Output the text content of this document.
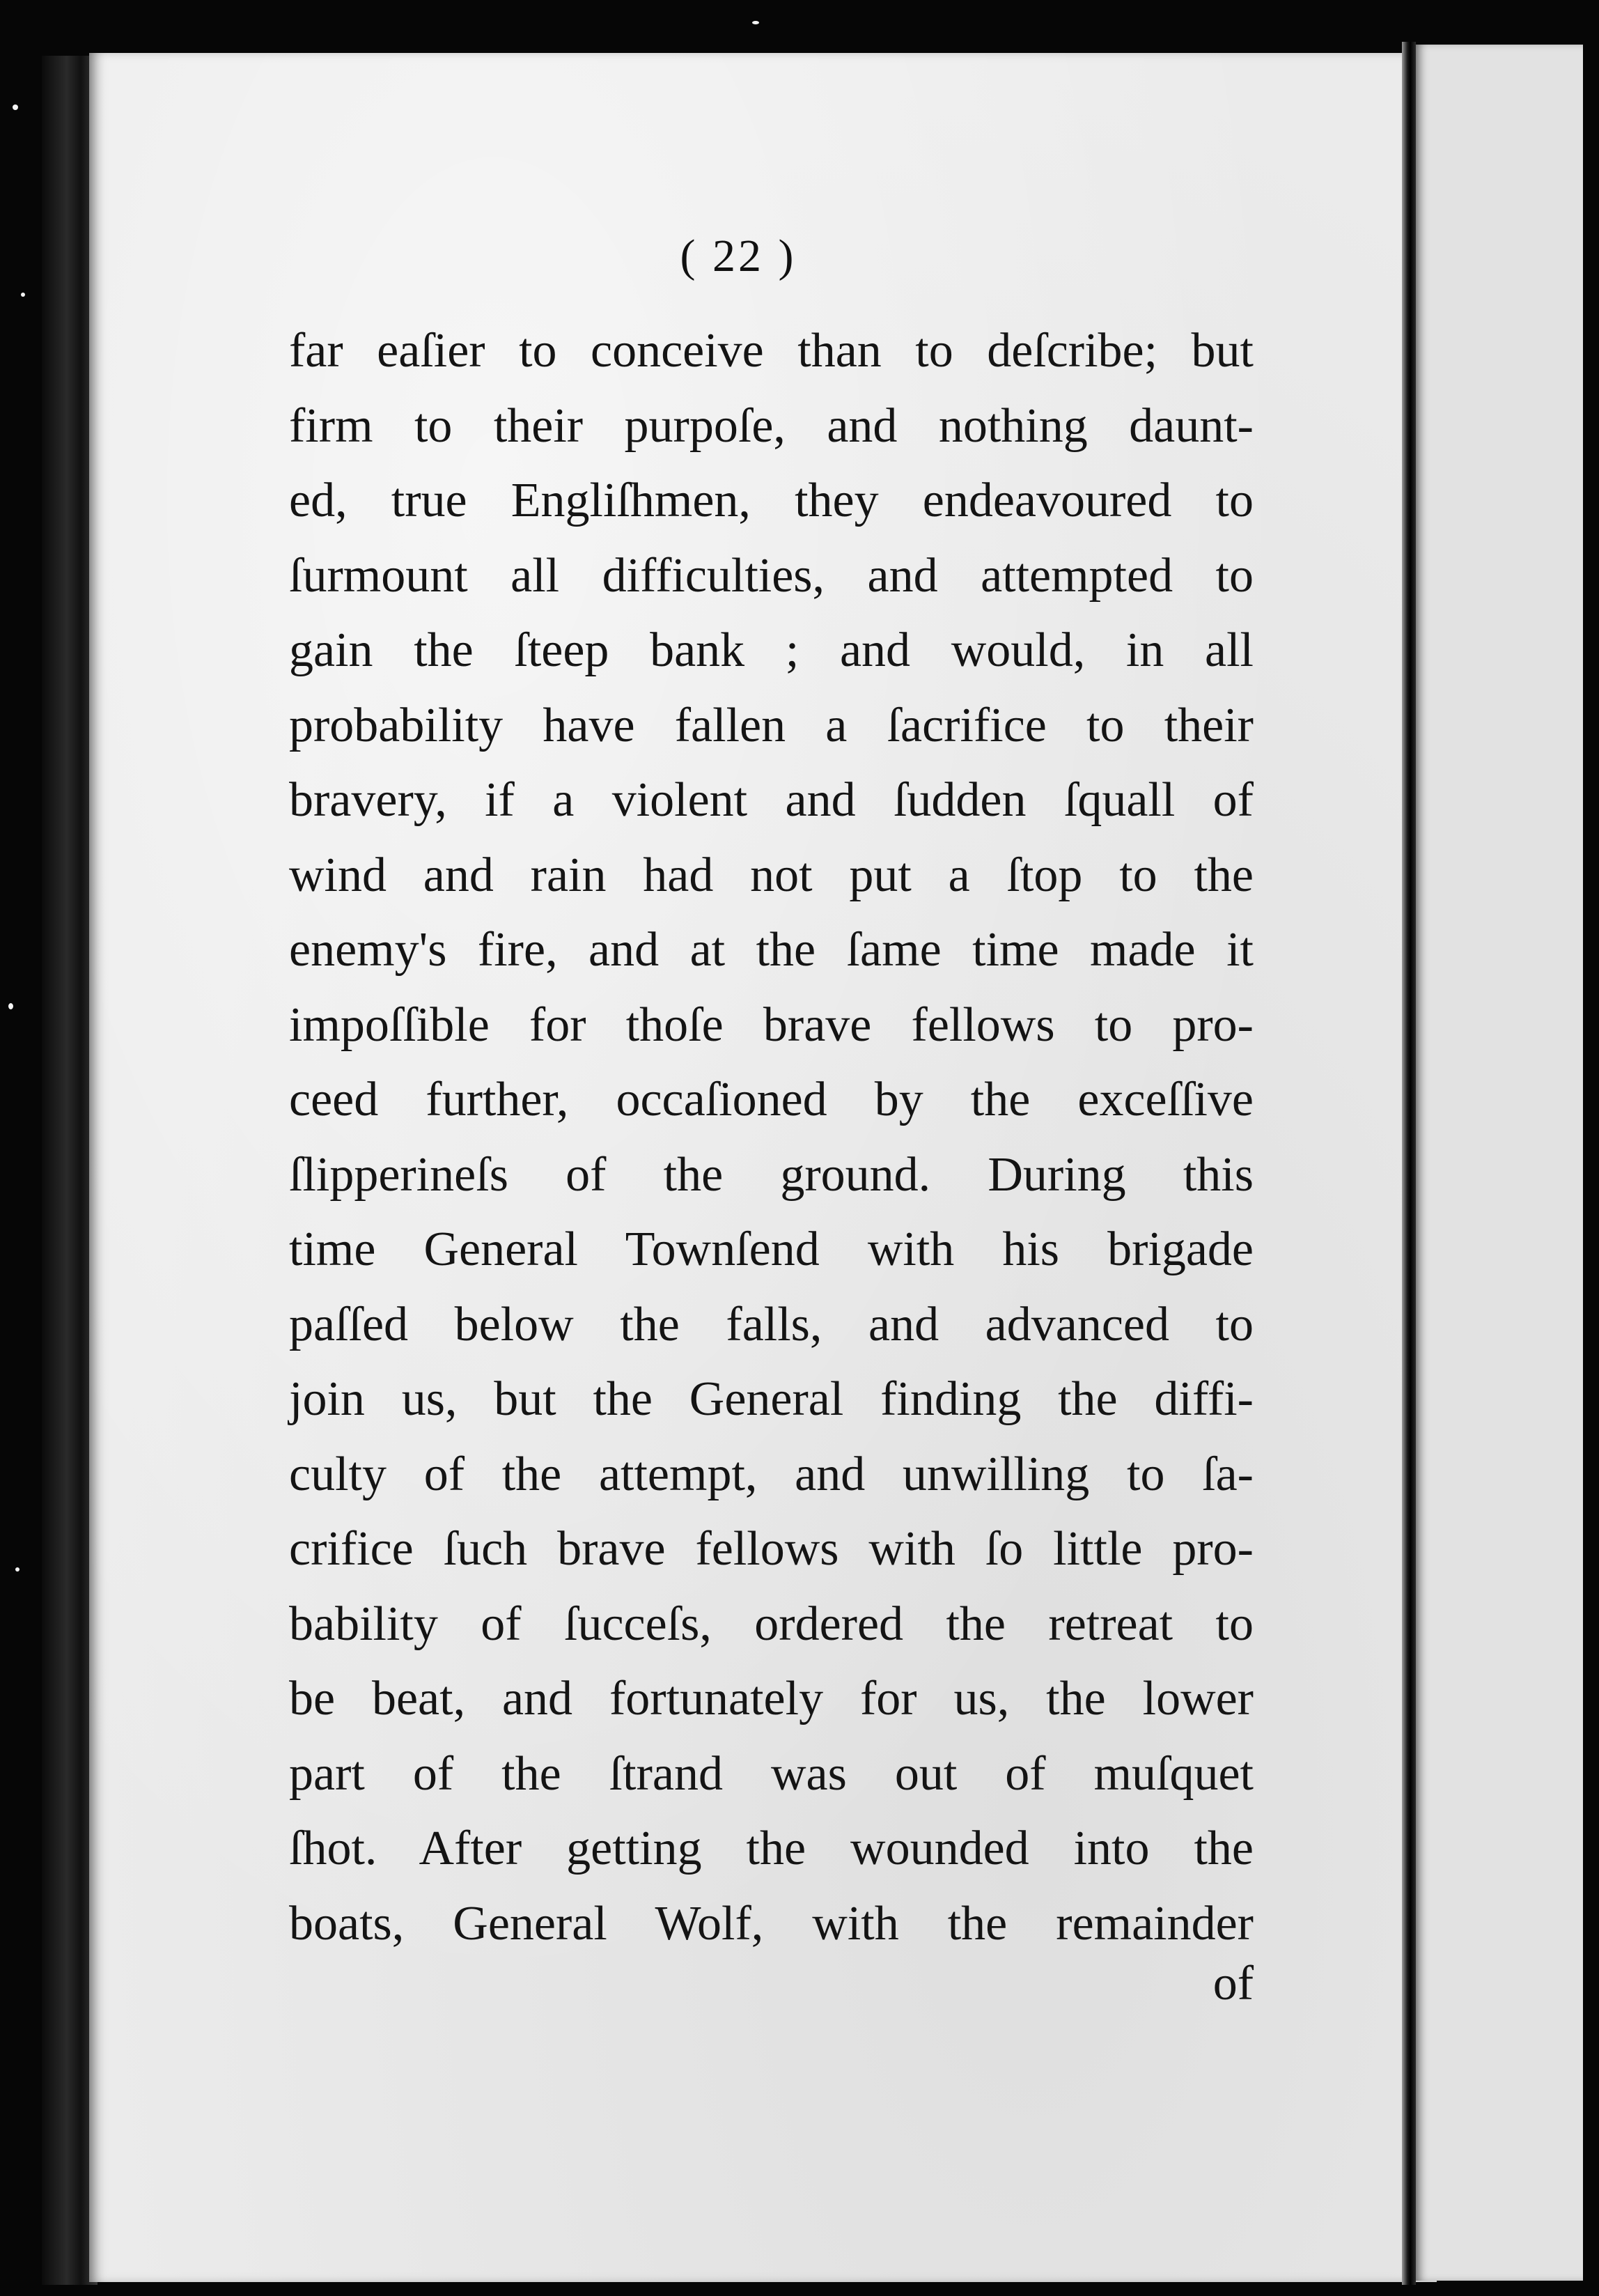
( 22 )
far eaſier to conceive than to deſcribe; but
firm to their purpoſe, and nothing daunt-
ed, true Engliſhmen, they endeavoured to
ſurmount all difficulties, and attempted to
gain the ſteep bank ; and would, in all
probability have fallen a ſacrifice to their
bravery, if a violent and ſudden ſquall of
wind and rain had not put a ſtop to the
enemy's fire, and at the ſame time made it
impoſſible for thoſe brave fellows to pro-
ceed further, occaſioned by the exceſſive
ſlipperineſs of the ground. During this
time General Townſend with his brigade
paſſed below the falls, and advanced to
join us, but the General finding the diffi-
culty of the attempt, and unwilling to ſa-
crifice ſuch brave fellows with ſo little pro-
bability of ſucceſs, ordered the retreat to
be beat, and fortunately for us, the lower
part of the ſtrand was out of muſquet
ſhot. After getting the wounded into the
boats, General Wolf, with the remainder
of
